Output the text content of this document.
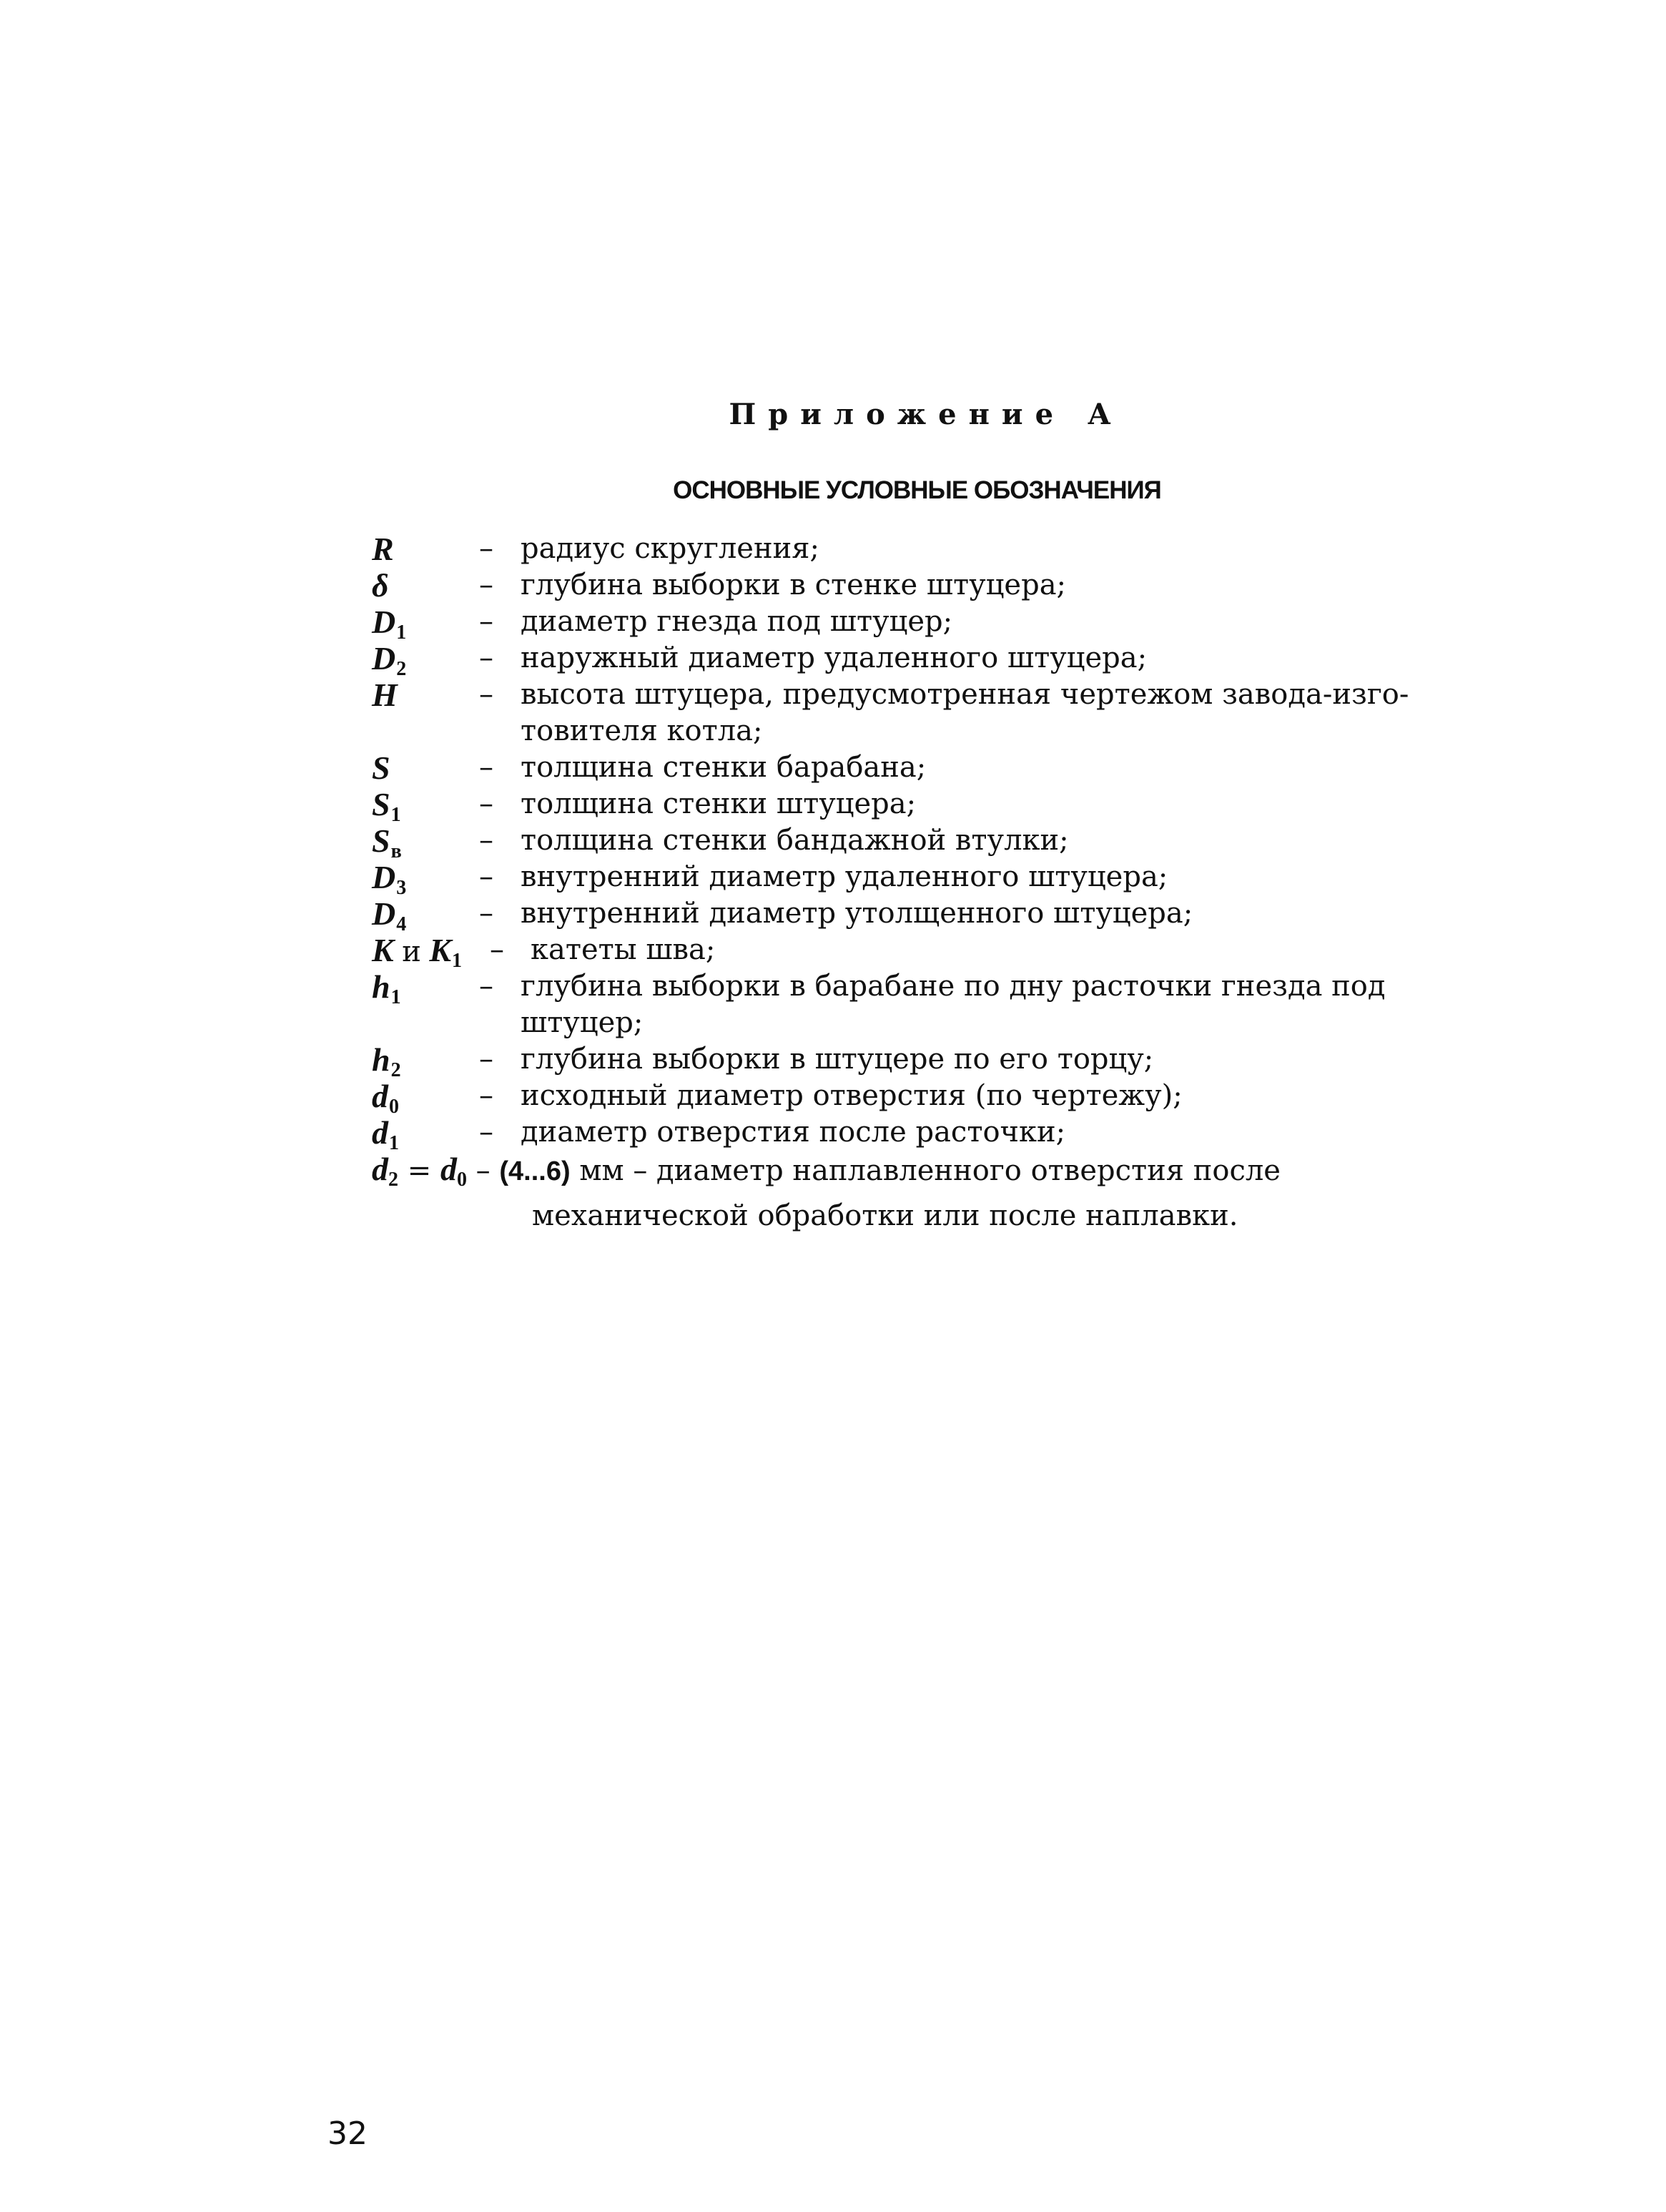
Приложение А
ОСНОВНЫЕ УСЛОВНЫЕ ОБОЗНАЧЕНИЯ
R	– радиус скругления;
δ	– глубина выборки в стенке штуцера;
$D_1$	– диаметр гнезда под штуцер;
$D_2$	– наружный диаметр удаленного штуцера;
H	– высота штуцера, предусмотренная чертежом завода-изго-товителя котла;
S	– толщина стенки барабана;
$S_1$	– толщина стенки штуцера;
$S_в$	– толщина стенки бандажной втулки;
$D_3$	– внутренний диаметр удаленного штуцера;
$D_4$	– внутренний диаметр утолщенного штуцера;
K и $K_1$ – катеты шва;
$h_1$	– глубина выборки в барабане по дну расточки гнезда под штуцер;
$h_2$	– глубина выборки в штуцере по его торцу;
$d_0$	– исходный диаметр отверстия (по чертежу);
$d_1$	– диаметр отверстия после расточки;
$d_2 = d_0 - (4...6)$ мм – диаметр наплавленного отверстия после
механической обработки или после наплавки.
32
